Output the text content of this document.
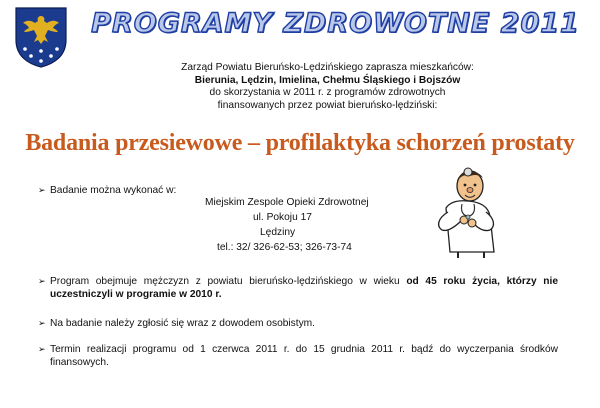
PROGRAMY ZDROWOTNE 2011
Zarząd Powiatu Bieruńsko-Lędzińskiego zaprasza mieszkańców:
Bierunia, Lędzin, Imielina, Chełmu Śląskiego i Bojszów
do skorzystania w 2011 r. z programów zdrowotnych
finansowanych przez powiat bieruńsko-lędziński:
Badania przesiewowe – profilaktyka schorzeń prostaty
➢ Badanie można wykonać w:
Miejskim Zespole Opieki Zdrowotnej
ul. Pokoju 17
Lędziny
tel.: 32/ 326-62-53; 326-73-74
➢ Program obejmuje mężczyzn z powiatu bieruńsko-lędzińskiego w wieku od 45 roku życia, którzy nie uczestniczyli w programie w 2010 r.
➢ Na badanie należy zgłosić się wraz z dowodem osobistym.
➢ Termin realizacji programu od 1 czerwca 2011 r. do 15 grudnia 2011 r. bądź do wyczerpania środków finansowych.
